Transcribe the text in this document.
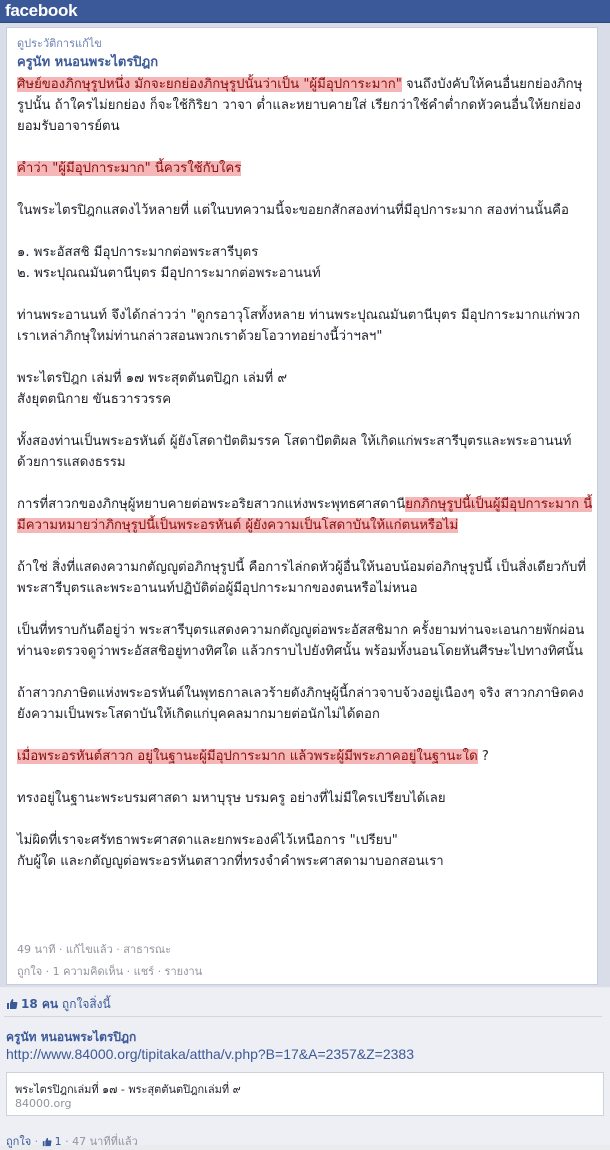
facebook
ดูประวัติการแก้ไข
ครูนัท หนอนพระไตรปิฎก

ศิษย์ของภิกษุรูปหนึ่ง มักจะยกย่องภิกษุรูปนั้นว่าเป็น "ผู้มีอุปการะมาก" จนถึงบังคับให้คนอื่นยกย่องภิกษุรูปนั้น ถ้าใครไม่ยกย่อง ก็จะใช้กิริยา วาจา ต่ำและหยาบคายใส่ เรียกว่าใช้คำต่ำกดหัวคนอื่นให้ยกย่อง ยอมรับอาจารย์ตน

คำว่า "ผู้มีอุปการะมาก" นี้ควรใช้กับใคร

ในพระไตรปิฎกแสดงไว้หลายที่ แต่ในบทความนี้จะขอยกสักสองท่านที่มีอุปการะมาก สองท่านนั้นคือ

๑. พระอัสสชิ มีอุปการะมากต่อพระสารีบุตร
๒. พระปุณณมันตานีบุตร มีอุปการะมากต่อพระอานนท์

ท่านพระอานนท์ จึงได้กล่าวว่า "ดูกรอาวุโสทั้งหลาย ท่านพระปุณณมันตานีบุตร มีอุปการะมากแก่พวกเราเหล่าภิกษุใหม่ท่านกล่าวสอนพวกเราด้วยโอวาทอย่างนี้ว่าฯลฯ"

พระไตรปิฎก เล่มที่ ๑๗ พระสุตตันตปิฎก เล่มที่ ๙
สังยุตตนิกาย ขันธวารวรรค

ทั้งสองท่านเป็นพระอรหันต์ ผู้ยังโสดาปัตติมรรค โสดาปัตติผล ให้เกิดแก่พระสารีบุตรและพระอานนท์ ด้วยการแสดงธรรม

การที่สาวกของภิกษุผู้หยาบคายต่อพระอริยสาวกแห่งพระพุทธศาสดานียกภิกษุรูปนี้เป็นผู้มีอุปการะมาก นี้มีความหมายว่าภิกษุรูปนี้เป็นพระอรหันต์ ผู้ยังความเป็นโสดาบันให้แก่ตนหรือไม่

ถ้าใช่ สิ่งที่แสดงความกตัญญูต่อภิกษุรูปนี้ คือการไล่กดหัวผู้อื่นให้นอบน้อมต่อภิกษุรูปนี้ เป็นสิ่งเดียวกับที่พระสารีบุตรและพระอานนท์ปฏิบัติต่อผู้มีอุปการะมากของตนหรือไม่หนอ

เป็นที่ทราบกันดีอยู่ว่า พระสารีบุตรแสดงความกตัญญูต่อพระอัสสชิมาก ครั้งยามท่านจะเอนกายพักผ่อน ท่านจะตรวจดูว่าพระอัสสชิอยู่ทางทิศใด แล้วกราบไปยังทิศนั้น พร้อมทั้งนอนโดยหันศีรษะไปทางทิศนั้น

ถ้าสาวกภาษิตแห่งพระอรหันต์ในพุทธกาลเลวร้ายดังภิกษุผู้นี้กล่าวจาบจ้วงอยู่เนืองๆ จริง สาวกภาษิตคงยังความเป็นพระโสดาบันให้เกิดแก่บุคคลมากมายต่อนักไม่ได้ดอก

เมื่อพระอรหันต์สาวก อยู่ในฐานะผู้มีอุปการะมาก แล้วพระผู้มีพระภาคอยู่ในฐานะใด ?

ทรงอยู่ในฐานะพระบรมศาสดา มหาบุรุษ บรมครู อย่างที่ไม่มีใครเปรียบได้เลย

ไม่ผิดที่เราจะศรัทธาพระศาสดาและยกพระองค์ไว้เหนือการ "เปรียบ"
กับผู้ใด และกตัญญูต่อพระอรหันตสาวกที่ทรงจำคำพระศาสดามาบอกสอนเรา

49 นาที · แก้ไขแล้ว · สาธารณะ
ถูกใจ · 1 ความคิดเห็น · แชร์ · รายงาน
18 คน ถูกใจสิ่งนี้
ครูนัท หนอนพระไตรปิฎก
http://www.84000.org/tipitaka/attha/v.php?B=17&A=2357&Z=2383
พระไตรปิฎกเล่มที่ ๑๗ - พระสุตตันตปิฎกเล่มที่ ๙
84000.org
ถูกใจ · 1 · 47 นาทีที่แล้ว
